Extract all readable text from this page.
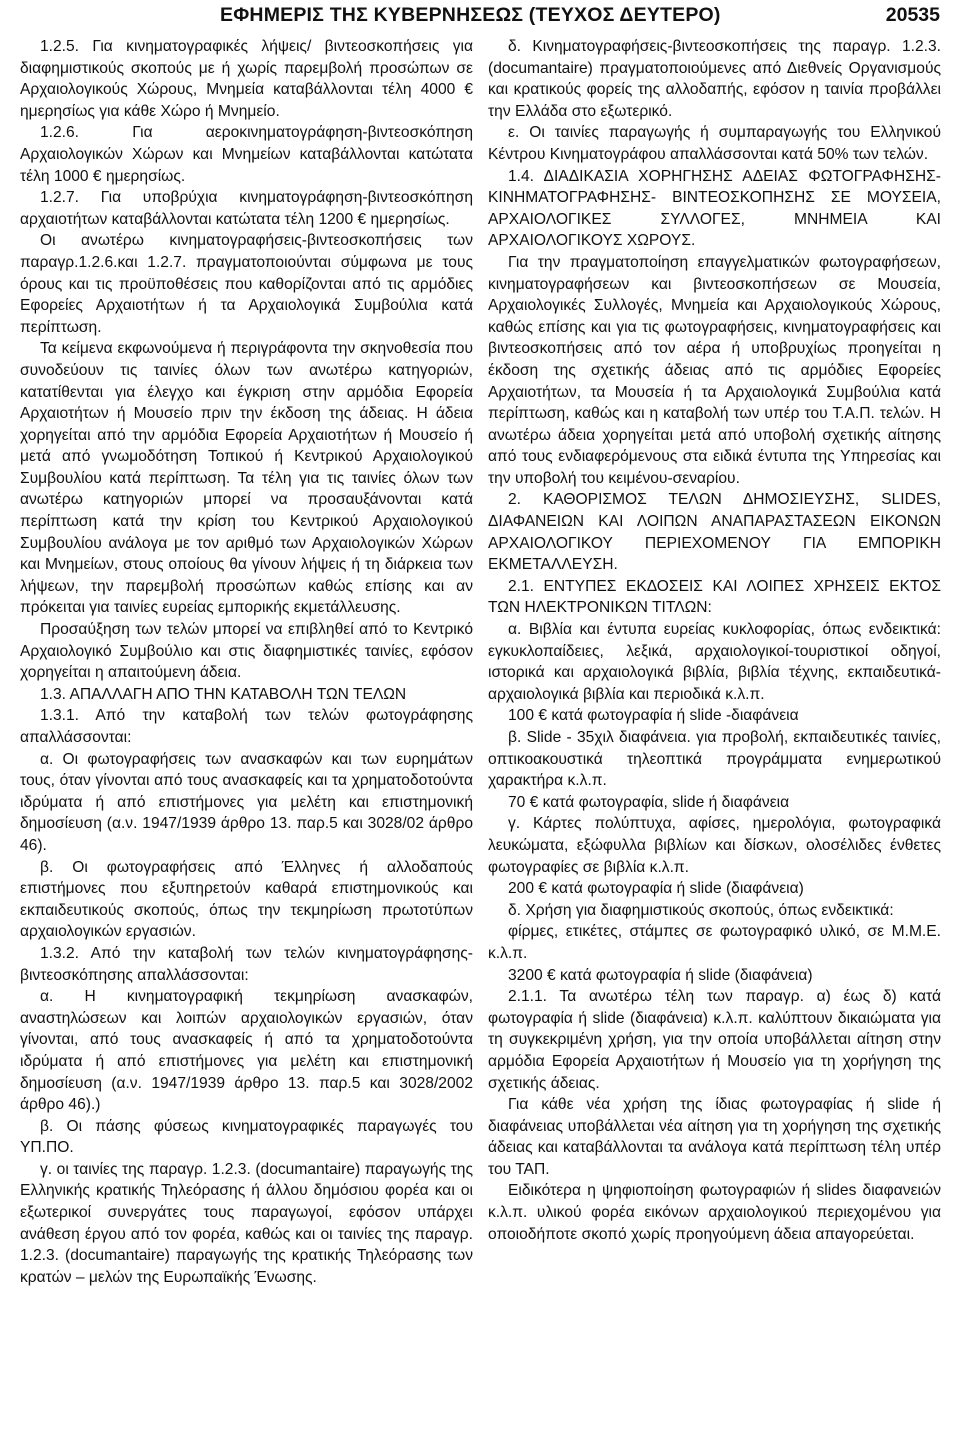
ΕΦΗΜΕΡΙΣ ΤΗΣ ΚΥΒΕΡΝΗΣΕΩΣ (ΤΕΥΧΟΣ ΔΕΥΤΕΡΟ)	20535

1.2.5. Για κινηματογραφικές λήψεις/ βιντεοσκοπήσεις για διαφημιστικούς σκοπούς με ή χωρίς παρεμβολή προσώπων σε Αρχαιολογικούς Χώρους, Μνημεία καταβάλλονται τέλη 4000 € ημερησίως για κάθε Χώρο ή Μνημείο.

1.2.6. Για αεροκινηματογράφηση-βιντεοσκόπηση Αρχαιολογικών Χώρων και Μνημείων καταβάλλονται κατώτατα τέλη 1000 € ημερησίως.

1.2.7. Για υποβρύχια κινηματογράφηση-βιντεοσκόπηση αρχαιοτήτων καταβάλλονται κατώτατα τέλη 1200 € ημερησίως.

Οι ανωτέρω κινηματογραφήσεις-βιντεοσκοπήσεις των παραγρ.1.2.6.και 1.2.7. πραγματοποιούνται σύμφωνα με τους όρους και τις προϋποθέσεις που καθορίζονται από τις αρμόδιες Εφορείες Αρχαιοτήτων ή τα Αρχαιολογικά Συμβούλια κατά περίπτωση.

Τα κείμενα εκφωνούμενα ή περιγράφοντα την σκηνοθεσία που συνοδεύουν τις ταινίες όλων των ανωτέρω κατηγοριών, κατατίθενται για έλεγχο και έγκριση στην αρμόδια Εφορεία Αρχαιοτήτων ή Μουσείο πριν την έκδοση της άδειας. Η άδεια χορηγείται από την αρμόδια Εφορεία Αρχαιοτήτων ή Μουσείο ή μετά από γνωμοδότηση Τοπικού ή Κεντρικού Αρχαιολογικού Συμβουλίου κατά περίπτωση. Τα τέλη για τις ταινίες όλων των ανωτέρω κατηγοριών μπορεί να προσαυξάνονται κατά περίπτωση κατά την κρίση του Κεντρικού Αρχαιολογικού Συμβουλίου ανάλογα με τον αριθμό των Αρχαιολογικών Χώρων και Μνημείων, στους οποίους θα γίνουν λήψεις ή τη διάρκεια των λήψεων, την παρεμβολή προσώπων καθώς επίσης και αν πρόκειται για ταινίες ευρείας εμπορικής εκμετάλλευσης.

Προσαύξηση των τελών μπορεί να επιβληθεί από το Κεντρικό Αρχαιολογικό Συμβούλιο και στις διαφημιστικές ταινίες, εφόσον χορηγείται η απαιτούμενη άδεια.

1.3. ΑΠΑΛΛΑΓΗ ΑΠΟ ΤΗΝ ΚΑΤΑΒΟΛΗ ΤΩΝ ΤΕΛΩΝ

1.3.1. Από την καταβολή των τελών φωτογράφησης απαλλάσσονται:

α. Οι φωτογραφήσεις των ανασκαφών και των ευρημάτων τους, όταν γίνονται από τους ανασκαφείς και τα χρηματοδοτούντα ιδρύματα ή από επιστήμονες για μελέτη και επιστημονική δημοσίευση (α.ν. 1947/1939 άρθρο 13. παρ.5 και 3028/02 άρθρο 46).

β. Οι φωτογραφήσεις από Έλληνες ή αλλοδαπούς επιστήμονες που εξυπηρετούν καθαρά επιστημονικούς και εκπαιδευτικούς σκοπούς, όπως την τεκμηρίωση πρωτοτύπων αρχαιολογικών εργασιών.

1.3.2. Από την καταβολή των τελών κινηματογράφησης-βιντεοσκόπησης απαλλάσσονται:

α. Η κινηματογραφική τεκμηρίωση ανασκαφών, αναστηλώσεων και λοιπών αρχαιολογικών εργασιών, όταν γίνονται, από τους ανασκαφείς ή από τα χρηματοδοτούντα ιδρύματα ή από επιστήμονες για μελέτη και επιστημονική δημοσίευση (α.ν. 1947/1939 άρθρο 13. παρ.5 και 3028/2002 άρθρο 46).)

β. Οι πάσης φύσεως κινηματογραφικές παραγωγές του ΥΠ.ΠΟ.

γ. οι ταινίες της παραγρ. 1.2.3. (documantaire) παραγωγής της Ελληνικής κρατικής Τηλεόρασης ή άλλου δημόσιου φορέα και οι εξωτερικοί συνεργάτες τους παραγωγοί, εφόσον υπάρχει ανάθεση έργου από τον φορέα, καθώς και οι ταινίες της παραγρ. 1.2.3. (documantaire) παραγωγής της κρατικής Τηλεόρασης των κρατών – μελών της Ευρωπαϊκής Ένωσης.

δ. Κινηματογραφήσεις-βιντεοσκοπήσεις της παραγρ. 1.2.3. (documantaire) πραγματοποιούμενες από Διεθνείς Οργανισμούς και κρατικούς φορείς της αλλοδαπής, εφόσον η ταινία προβάλλει την Ελλάδα στο εξωτερικό.

ε. Οι ταινίες παραγωγής ή συμπαραγωγής του Ελληνικού Κέντρου Κινηματογράφου απαλλάσσονται κατά 50% των τελών.

1.4. ΔΙΑΔΙΚΑΣΙΑ ΧΟΡΗΓΗΣΗΣ ΑΔΕΙΑΣ ΦΩΤΟΓΡΑΦΗΣΗΣ-ΚΙΝΗΜΑΤΟΓΡΑΦΗΣΗΣ- ΒΙΝΤΕΟΣΚΟΠΗΣΗΣ ΣΕ ΜΟΥΣΕΙΑ, ΑΡΧΑΙΟΛΟΓΙΚΕΣ ΣΥΛΛΟΓΕΣ, ΜΝΗΜΕΙΑ ΚΑΙ ΑΡΧΑΙΟΛΟΓΙΚΟΥΣ ΧΩΡΟΥΣ.

Για την πραγματοποίηση επαγγελματικών φωτογραφήσεων, κινηματογραφήσεων και βιντεοσκοπήσεων σε Μουσεία, Αρχαιολογικές Συλλογές, Μνημεία και Αρχαιολογικούς Χώρους, καθώς επίσης και για τις φωτογραφήσεις, κινηματογραφήσεις και βιντεοσκοπήσεις από τον αέρα ή υποβρυχίως προηγείται η έκδοση της σχετικής άδειας από τις αρμόδιες Εφορείες Αρχαιοτήτων, τα Μουσεία ή τα Αρχαιολογικά Συμβούλια κατά περίπτωση, καθώς και η καταβολή των υπέρ του Τ.Α.Π. τελών. Η ανωτέρω άδεια χορηγείται μετά από υποβολή σχετικής αίτησης από τους ενδιαφερόμενους στα ειδικά έντυπα της Υπηρεσίας και την υποβολή του κειμένου-σεναρίου.

2. ΚΑΘΟΡΙΣΜΟΣ ΤΕΛΩΝ ΔΗΜΟΣΙΕΥΣΗΣ, SLIDES, ΔΙΑΦΑΝΕΙΩΝ ΚΑΙ ΛΟΙΠΩΝ ΑΝΑΠΑΡΑΣΤΑΣΕΩΝ ΕΙΚΟΝΩΝ ΑΡΧΑΙΟΛΟΓΙΚΟΥ ΠΕΡΙΕΧΟΜΕΝΟΥ ΓΙΑ ΕΜΠΟΡΙΚΗ ΕΚΜΕΤΑΛΛΕΥΣΗ.

2.1. ΕΝΤΥΠΕΣ ΕΚΔΟΣΕΙΣ ΚΑΙ ΛΟΙΠΕΣ ΧΡΗΣΕΙΣ ΕΚΤΟΣ ΤΩΝ ΗΛΕΚΤΡΟΝΙΚΩΝ ΤΙΤΛΩΝ:

α. Βιβλία και έντυπα ευρείας κυκλοφορίας, όπως ενδεικτικά: εγκυκλοπαίδειες, λεξικά, αρχαιολογικοί-τουριστικοί οδηγοί, ιστορικά και αρχαιολογικά βιβλία, βιβλία τέχνης, εκπαιδευτικά-αρχαιολογικά βιβλία και περιοδικά κ.λ.π.

100 € κατά φωτογραφία ή slide -διαφάνεια

β. Slide - 35χιλ διαφάνεια. για προβολή, εκπαιδευτικές ταινίες, οπτικοακουστικά τηλεοπτικά προγράμματα ενημερωτικού χαρακτήρα κ.λ.π.

70 € κατά φωτογραφία, slide ή διαφάνεια

γ. Κάρτες πολύπτυχα, αφίσες, ημερολόγια, φωτογραφικά λευκώματα, εξώφυλλα βιβλίων και δίσκων, ολοσέλιδες ένθετες φωτογραφίες σε βιβλία κ.λ.π.

200 € κατά φωτογραφία ή slide (διαφάνεια)

δ. Χρήση για διαφημιστικούς σκοπούς, όπως ενδεικτικά:

φίρμες, ετικέτες, στάμπες σε φωτογραφικό υλικό, σε Μ.Μ.Ε. κ.λ.π.

3200 € κατά φωτογραφία ή slide (διαφάνεια)

2.1.1. Τα ανωτέρω τέλη των παραγρ. α) έως δ) κατά φωτογραφία ή slide (διαφάνεια) κ.λ.π. καλύπτουν δικαιώματα για τη συγκεκριμένη χρήση, για την οποία υποβάλλεται αίτηση στην αρμόδια Εφορεία Αρχαιοτήτων ή Μουσείο για τη χορήγηση της σχετικής άδειας.

Για κάθε νέα χρήση της ίδιας φωτογραφίας ή slide ή διαφάνειας υποβάλλεται νέα αίτηση για τη χορήγηση της σχετικής άδειας και καταβάλλονται τα ανάλογα κατά περίπτωση τέλη υπέρ του ΤΑΠ.

Ειδικότερα η ψηφιοποίηση φωτογραφιών ή slides διαφανειών κ.λ.π. υλικού φορέα εικόνων αρχαιολογικού περιεχομένου για οποιοδήποτε σκοπό χωρίς προηγούμενη άδεια απαγορεύεται.
